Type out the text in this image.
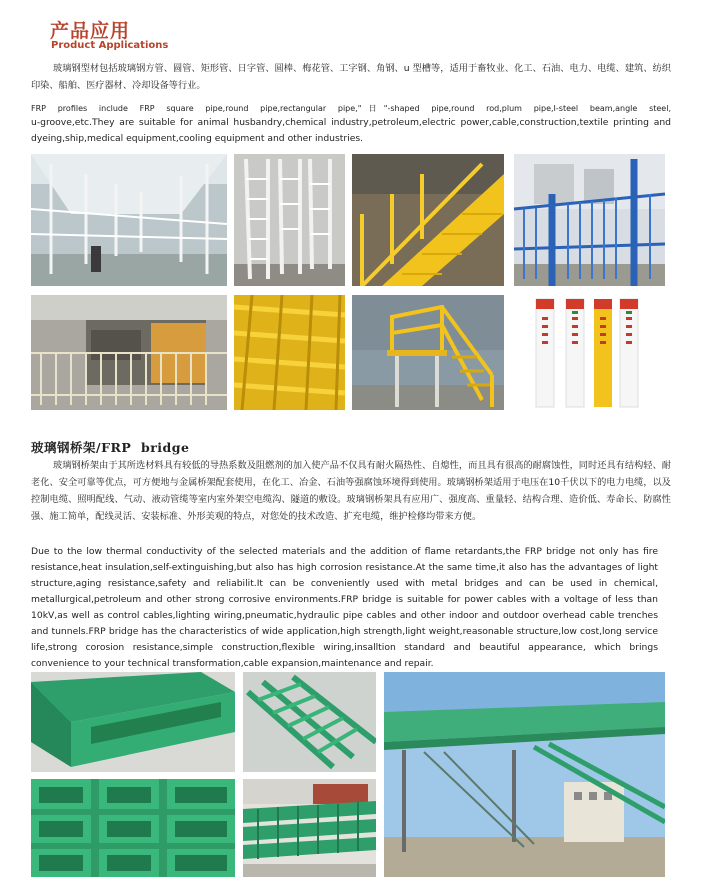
产品应用
Product Applications
玻璃钢型材包括玻璃钢方管、圆管、矩形管、日字管、圆棒、梅花管、工字钢、角钢、u 型槽等，适用于畜牧业、化工、石油、电力、电缆、建筑、纺织印染、船舶、医疗器材、冷却设备等行业。
FRP profiles include FRP square pipe,round pipe,rectangular pipe,"日"-shaped pipe,round rod,plum pipe,I-steel beam,angle steel,
u-groove,etc.They are suitable for animal husbandry,chemical industry,petroleum,electric power,cable,construction,textile printing and dyeing,ship,medical equipment,cooling equipment and other industries.
玻璃钢桥架/FRP  bridge
玻璃钢桥架由于其所选材料具有较低的导热系数及阻燃剂的加入使产品不仅具有耐火隔热性、自熄性，而且具有很高的耐腐蚀性，同时还具有结构轻、耐老化、安全可靠等优点，可方便地与金属桥架配套使用，在化工、冶金、石油等强腐蚀环境得到使用。玻璃钢桥架适用于电压在10千伏以下的电力电缆，以及控制电缆、照明配线、气动、液动管缆等室内室外架空电缆沟、隧道的敷设。玻璃钢桥架具有应用广、强度高、重量轻、结构合理、造价低、寿命长、防腐性强、施工简单，配线灵活、安装标准、外形美观的特点，对您处的技术改造、扩充电缆，维护检修均带来方便。
Due to the low thermal conductivity of the selected materials and the addition of flame retardants,the FRP bridge not only has fire resistance,heat insulation,self-extinguishing,but also has high corrosion resistance.At the same time,it also has the advantages of light structure,aging resistance,safety and reliabilit.It can be conveniently used with metal bridges and can be used in chemical, metallurgical,petroleum and other strong corrosive environments.FRP bridge is suitable for power cables with a voltage of less than 10kV,as well as control cables,lighting wiring,pneumatic,hydraulic pipe cables and other indoor and outdoor overhead cable trenches and tunnels.FRP bridge has the characteristics of wide application,high strength,light weight,reasonable structure,low cost,long service life,strong corosion resistance,simple construction,flexible wiring,insalltion standard and beautiful appearance, which brings convenience to your technical transformation,cable expansion,maintenance and repair.
